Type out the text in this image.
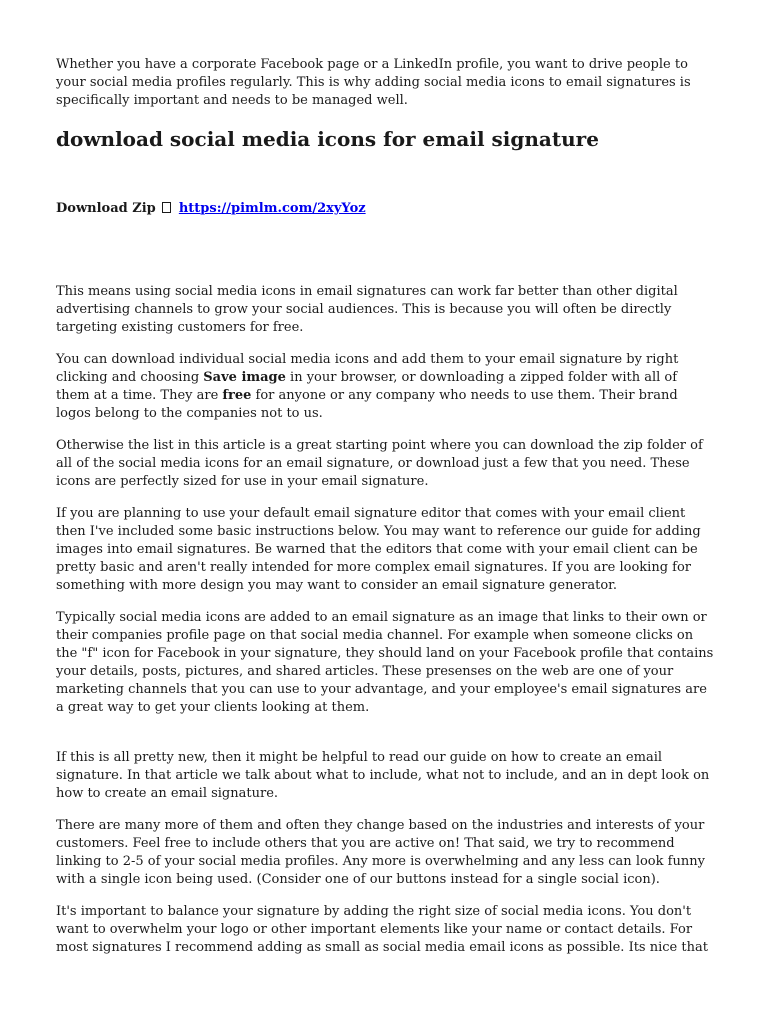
Whether you have a corporate Facebook page or a LinkedIn profile, you want to drive people to your social media profiles regularly. This is why adding social media icons to email signatures is specifically important and needs to be managed well.

download social media icons for email signature
Download Zip https://pimlm.com/2xyYoz

This means using social media icons in email signatures can work far better than other digital advertising channels to grow your social audiences. This is because you will often be directly targeting existing customers for free.

You can download individual social media icons and add them to your email signature by right clicking and choosing Save image in your browser, or downloading a zipped folder with all of them at a time. They are free for anyone or any company who needs to use them. Their brand logos belong to the companies not to us.

Otherwise the list in this article is a great starting point where you can download the zip folder of all of the social media icons for an email signature, or download just a few that you need. These icons are perfectly sized for use in your email signature.

If you are planning to use your default email signature editor that comes with your email client then I've included some basic instructions below. You may want to reference our guide for adding images into email signatures. Be warned that the editors that come with your email client can be pretty basic and aren't really intended for more complex email signatures. If you are looking for something with more design you may want to consider an email signature generator.

Typically social media icons are added to an email signature as an image that links to their own or their companies profile page on that social media channel. For example when someone clicks on the "f" icon for Facebook in your signature, they should land on your Facebook profile that contains your details, posts, pictures, and shared articles. These presenses on the web are one of your marketing channels that you can use to your advantage, and your employee's email signatures are a great way to get your clients looking at them.

If this is all pretty new, then it might be helpful to read our guide on how to create an email signature. In that article we talk about what to include, what not to include, and an in dept look on how to create an email signature.

There are many more of them and often they change based on the industries and interests of your customers. Feel free to include others that you are active on! That said, we try to recommend linking to 2-5 of your social media profiles. Any more is overwhelming and any less can look funny with a single icon being used. (Consider one of our buttons instead for a single social icon).

It's important to balance your signature by adding the right size of social media icons. You don't want to overwhelm your logo or other important elements like your name or contact details. For most signatures I recommend adding as small as social media email icons as possible. Its nice that
